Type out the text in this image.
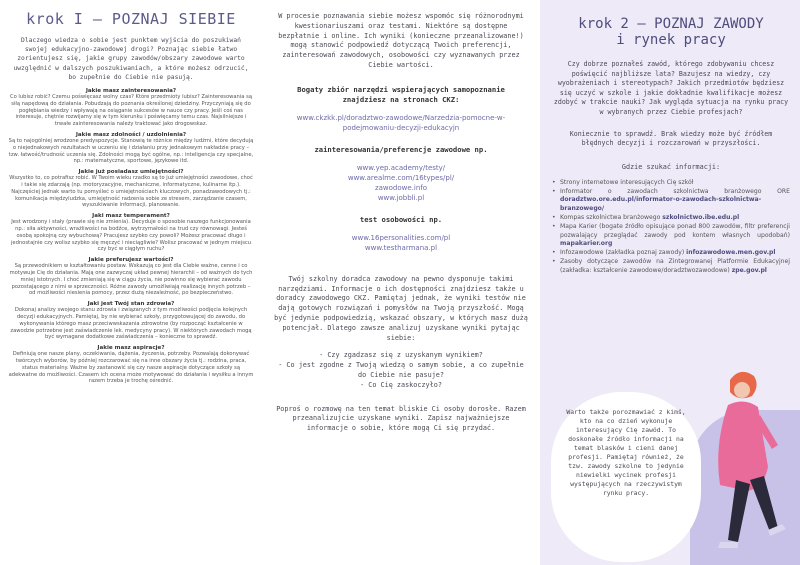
krok I – POZNAJ SIEBIE

Dlaczego wiedza o sobie jest punktem wyjścia do poszukiwań swojej edukacyjno-zawodowej drogi? Poznając siebie łatwo zorientujesz się, jakie grupy zawodów/obszary zawodowe warto uwzględnić w dalszych poszukiwaniach, a które możesz odrzucić, bo zupełnie do Ciebie nie pasują.

Jakie masz zainteresowania?

Co lubisz robić? Czemu poświęcasz wolny czas? Które przedmioty lubisz? Zainteresowania są siłą napędową do działania. Pobudzają do poznania określonej dziedziny. Przyczyniają się do pogłębiania wiedzy i wpływają na osiąganie sukcesów w nauce czy pracy. Jeśli coś nas interesuje, chętnie rozwijamy się w tym kierunku i poświęcamy temu czas. Najsilniejsze i trwałe zainteresowania należy traktować jako drogowskaz.

Jakie masz zdolności / uzdolnienia?

Są to najogólniej wrodzone predyspozycje. Stanowią te różnice między ludźmi, które decydują o niejednakowych rezultatach w uczeniu się i działaniu przy jednakowym nakładzie pracy – tzw. łatwość/trudność uczenia się. Zdolności mogą być ogólne, np.: inteligencja czy specjalne, np.: matematyczne, sportowe, językowe itd.

Jakie już posiadasz umiejętności?

Wszystko to, co potrafisz robić. W Twoim wieku rzadko są to już umiejętności zawodowe, choć i takie się zdarzają (np. motoryzacyjne, mechaniczne, informatyczne, kulinarne itp.). Najczęściej jednak warto tu pomyśleć o umiejętnościach kluczowych, ponadzawodowych tj.: komunikacja międzyludzka, umiejętność radzenia sobie ze stresem, zarządzanie czasem, wyszukiwanie informacji, planowanie.

Jaki masz temperament?

Jest wrodzony i stały (prawie się nie zmienia). Decyduje o sposobie naszego funkcjonowania np.: siła aktywności, wrażliwości na bodźce, wytrzymałości na trud czy równowagi. Jesteś osobą spokojną czy wybuchową? Pracujesz szybko czy powoli? Możesz pracować długo i jednostajnie czy wolisz szybko się męczyć i nieciągliwie? Wolisz pracować w jednym miejscu czy być w ciągłym ruchu?

Jakie preferujesz wartości?

Są przewodnikiem w kształtowaniu postaw. Wskazują co jest dla Ciebie ważne, cenne i co motywuje Cię do działania. Mają one zazwyczaj układ pewnej hierarchii – od ważnych do tych mniej istotnych. I choć zmieniają się w ciągu życia, nie powinno się wybierać zawodu pozostającego z nimi w sprzeczności. Różne zawody umożliwiają realizację innych potrzeb – od możliwości niesienia pomocy, przez dużą niezależność, po bezpieczeństwo.

Jaki jest Twój stan zdrowia?

Dokonaj analizy swojego stanu zdrowia i związanych z tym możliwości podjęcia kolejnych decyzji edukacyjnych. Pamiętaj, by nie wybierać szkoły, przygotowującej do zawodu, do wykonywania którego masz przeciwwskazania zdrowotne (by rozpocząć kształcenie w zawodzie potrzebne jest zaświadczenie lek. medycyny pracy). W niektórych zawodach mogą być wymagane dodatkowe zaświadczenia – konieczne to sprawdź.

Jakie masz aspiracje?

Definiują one nasze plany, oczekiwania, dążenia, życzenia, potrzeby. Pozwalają dokonywać twórczych wyborów, by później rozczarować się na inne obszary życia tj.: rodzina, praca, status materialny. Ważne by zastanowić się czy nasze aspiracje dotyczące szkoły są adekwatne do możliwości. Czasem ich ocena może motywować do działania i wysiłku a innym razem trzeba je trochę ośrednić.

W procesie poznawania siebie możesz wspomóc się różnorodnymi kwestionariuszami oraz testami. Niektóre są dostępne bezpłatnie i online. Ich wyniki (konieczne przeanalizowane!) mogą stanowić podpowiedź dotyczącą Twoich preferencji, zainteresowań zawodowych, osobowości czy wyznawanych przez Ciebie wartości.

Bogaty zbiór narzędzi wspierających samopoznanie znajdziesz na stronach CKZ:

www.ckzkk.pl/doradztwo-zawodowe/Narzedzia-pomocne-w-podejmowaniu-decyzji-edukacyjn

zainteresowania/preferencje zawodowe np.

www.yep.academy/testy/

www.arealme.com/16types/pl/

zawodowe.info

www.jobbli.pl

test osobowości np.

www.16personalities.com/pl

www.testharmana.pl

Twój szkolny doradca zawodowy na pewno dysponuje takimi narzędziami. Informacje o ich dostępności znajdziesz także u doradcy zawodowego CKZ. Pamiętaj jednak, że wyniki testów nie dają gotowych rozwiązań i pomysłów na Twoją przyszłość. Mogą być jedynie podpowiedzią, wskazać obszary, w których masz dużą potencjał. Dlatego zawsze analizuj uzyskane wyniki pytając siebie:

- Czy zgadzasz się z uzyskanym wynikiem?

- Co jest zgodne z Twoją wiedzą o samym sobie, a co zupełnie do Ciebie nie pasuje?

- Co Cię zaskoczyło?

Poproś o rozmowę na ten temat bliskie Ci osoby dorosłe. Razem przeanalizujcie uzyskane wyniki. Zapisz najważniejsze informacje o sobie, które mogą Ci się przydać.

krok 2 – POZNAJ ZAWODY
i rynek pracy

Czy dobrze poznałeś zawód, którego zdobywaniu chcesz poświęcić najbliższe lata? Bazujesz na wiedzy, czy wyobrażeniach i stereotypach? Jakich przedmiotów będziesz się uczyć w szkole i jakie dokładnie kwalifikacje możesz zdobyć w trakcie nauki? Jak wygląda sytuacja na rynku pracy w wybranych przez Ciebie profesjach?

Koniecznie to sprawdź. Brak wiedzy może być źródłem błędnych decyzji i rozczarowań w przyszłości.

Gdzie szukać informacji:

• Strony internetowe interesujących Cię szkół
• Informator o zawodach szkolnictwa branżowego ORE doradztwo.ore.edu.pl/informator-o-zawodach-szkolnictwa-branzowego/
• Kompas szkolnictwa branżowego szkolnictwo.ibe.edu.pl
• Mapa Karier (bogate źródło opisujące ponad 800 zawodów, filtr preferencji pozwalający przeglądać zawody pod kontem własnych upodobań) mapakarier.org
• Infozawodowe (zakładka poznaj zawody) infozawodowe.men.gov.pl
• Zasoby dotyczące zawodów na Zintegrowanej Platformie Edukacyjnej (zakładka: kształcenie zawodowe/doradztwozawodowe) zpe.gov.pl

Warto także porozmawiać z kimś, kto na co dzień wykonuje interesujący Cię zawód. To doskonałe źródło informacji na temat blasków i cieni danej profesji. Pamiętaj również, że tzw. zawody szkolne to jedynie niewielki wycinek profesji występujących na rzeczywistym rynku pracy.
